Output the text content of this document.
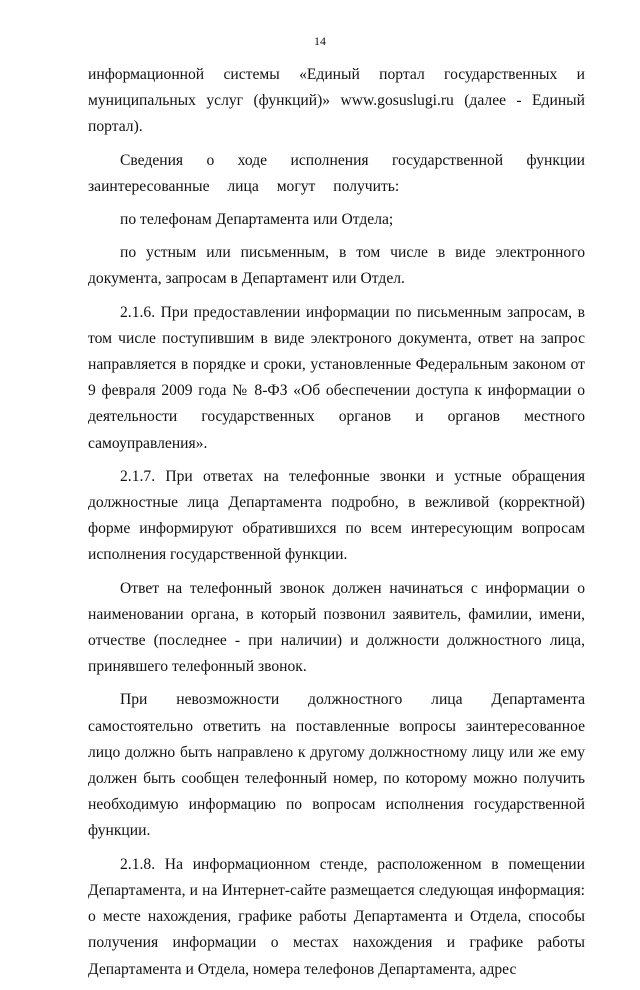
14

информационной системы «Единый портал государственных и муниципальных услуг (функций)» www.gosuslugi.ru (далее - Единый портал).

Сведения о ходе исполнения государственной функции заинтересованные лица могут получить:

по телефонам Департамента или Отдела;

по устным или письменным, в том числе в виде электронного документа, запросам в Департамент или Отдел.

2.1.6. При предоставлении информации по письменным запросам, в том числе поступившим в виде электроного документа, ответ на запрос направляется в порядке и сроки, установленные Федеральным законом от 9 февраля 2009 года № 8-ФЗ «Об обеспечении доступа к информации о деятельности государственных органов и органов местного самоуправления».

2.1.7. При ответах на телефонные звонки и устные обращения должностные лица Департамента подробно, в вежливой (корректной) форме информируют обратившихся по всем интересующим вопросам исполнения государственной функции.

Ответ на телефонный звонок должен начинаться с информации о наименовании органа, в который позвонил заявитель, фамилии, имени, отчестве (последнее - при наличии) и должности должностного лица, принявшего телефонный звонок.

При невозможности должностного лица Департамента самостоятельно ответить на поставленные вопросы заинтересованное лицо должно быть направлено к другому должностному лицу или же ему должен быть сообщен телефонный номер, по которому можно получить необходимую информацию по вопросам исполнения государственной функции.

2.1.8. На информационном стенде, расположенном в помещении Департамента, и на Интернет-сайте размещается следующая информация: о месте нахождения, графике работы Департамента и Отдела, способы получения информации о местах нахождения и графике работы Департамента и Отдела, номера телефонов Департамента, адрес
